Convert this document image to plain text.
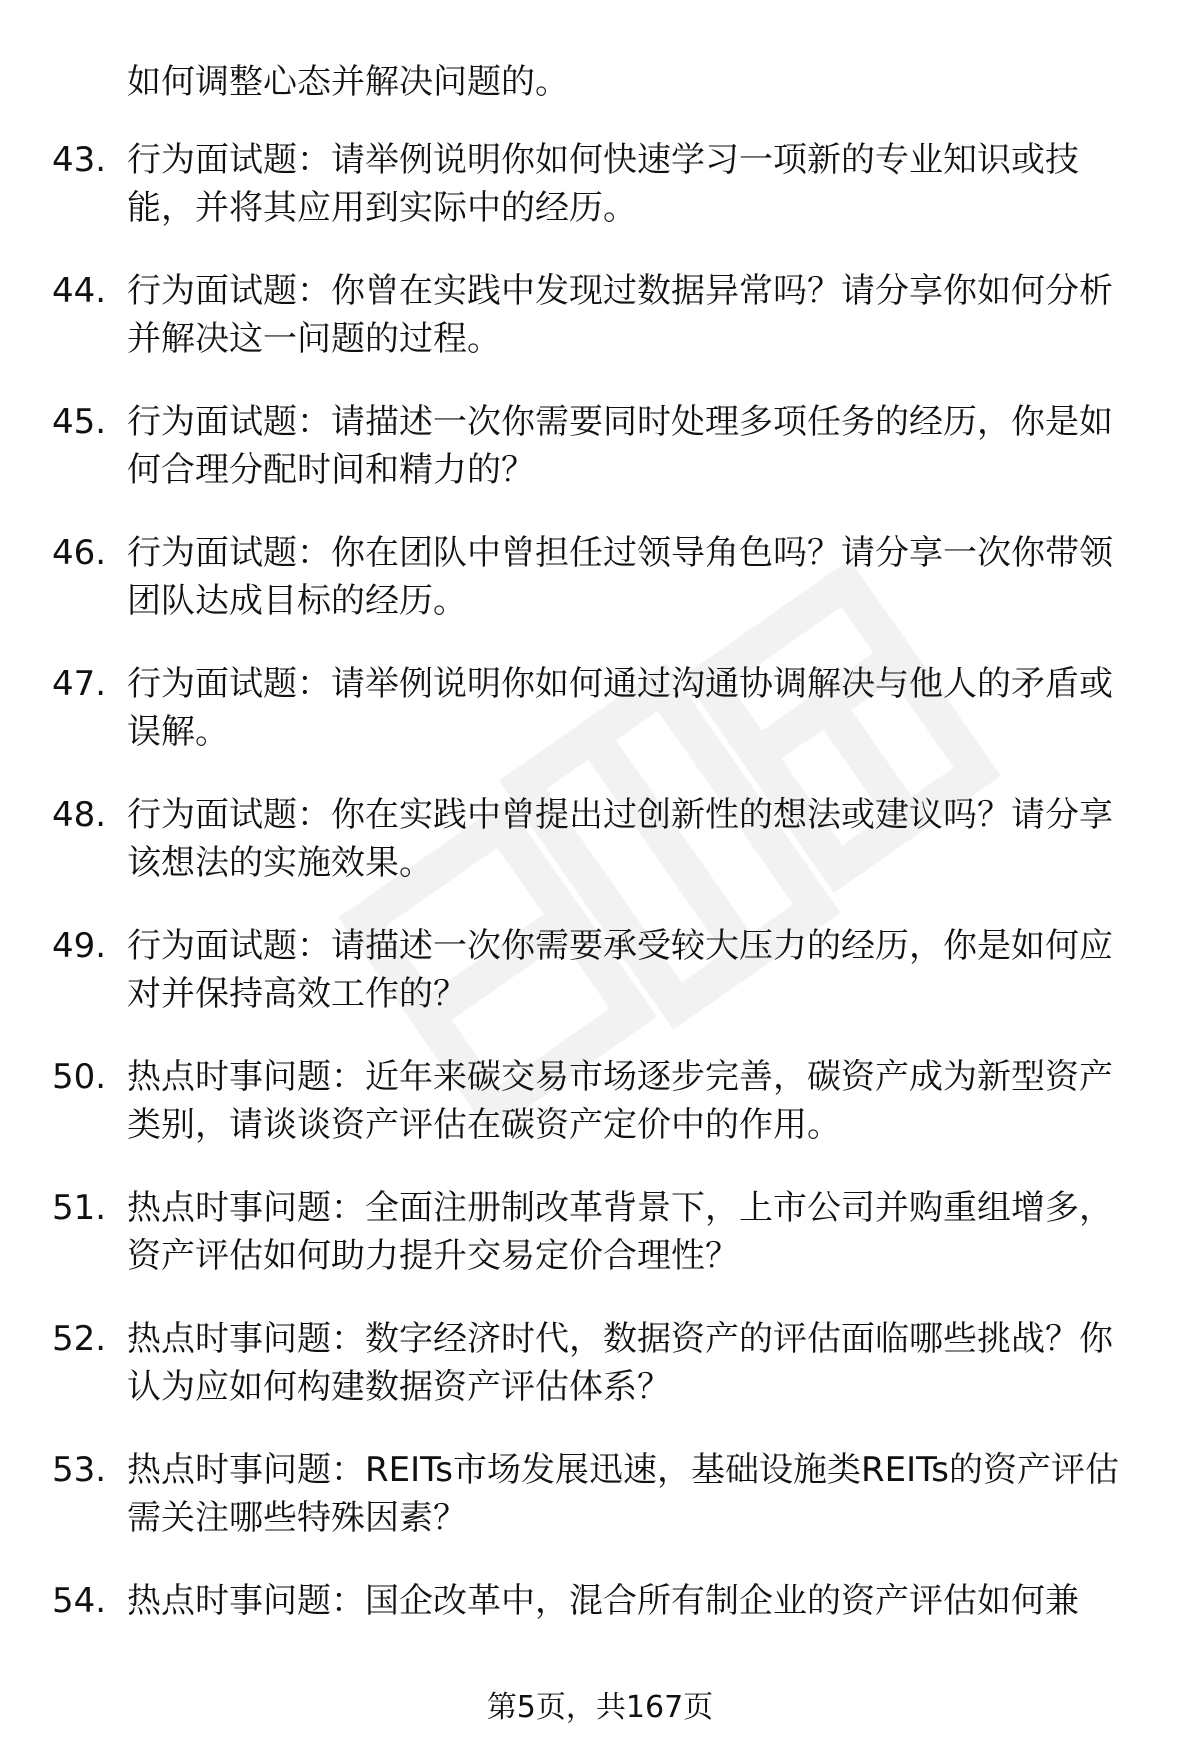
如何调整心态并解决问题的。
43. 行为面试题：请举例说明你如何快速学习一项新的专业知识或技能，并将其应用到实际中的经历。
44. 行为面试题：你曾在实践中发现过数据异常吗？请分享你如何分析并解决这一问题的过程。
45. 行为面试题：请描述一次你需要同时处理多项任务的经历，你是如何合理分配时间和精力的？
46. 行为面试题：你在团队中曾担任过领导角色吗？请分享一次你带领团队达成目标的经历。
47. 行为面试题：请举例说明你如何通过沟通协调解决与他人的矛盾或误解。
48. 行为面试题：你在实践中曾提出过创新性的想法或建议吗？请分享该想法的实施效果。
49. 行为面试题：请描述一次你需要承受较大压力的经历，你是如何应对并保持高效工作的？
50. 热点时事问题：近年来碳交易市场逐步完善，碳资产成为新型资产类别，请谈谈资产评估在碳资产定价中的作用。
51. 热点时事问题：全面注册制改革背景下，上市公司并购重组增多，资产评估如何助力提升交易定价合理性？
52. 热点时事问题：数字经济时代，数据资产的评估面临哪些挑战？你认为应如何构建数据资产评估体系？
53. 热点时事问题：REITs市场发展迅速，基础设施类REITs的资产评估需关注哪些特殊因素？
54. 热点时事问题：国企改革中，混合所有制企业的资产评估如何兼
第5页，共167页
